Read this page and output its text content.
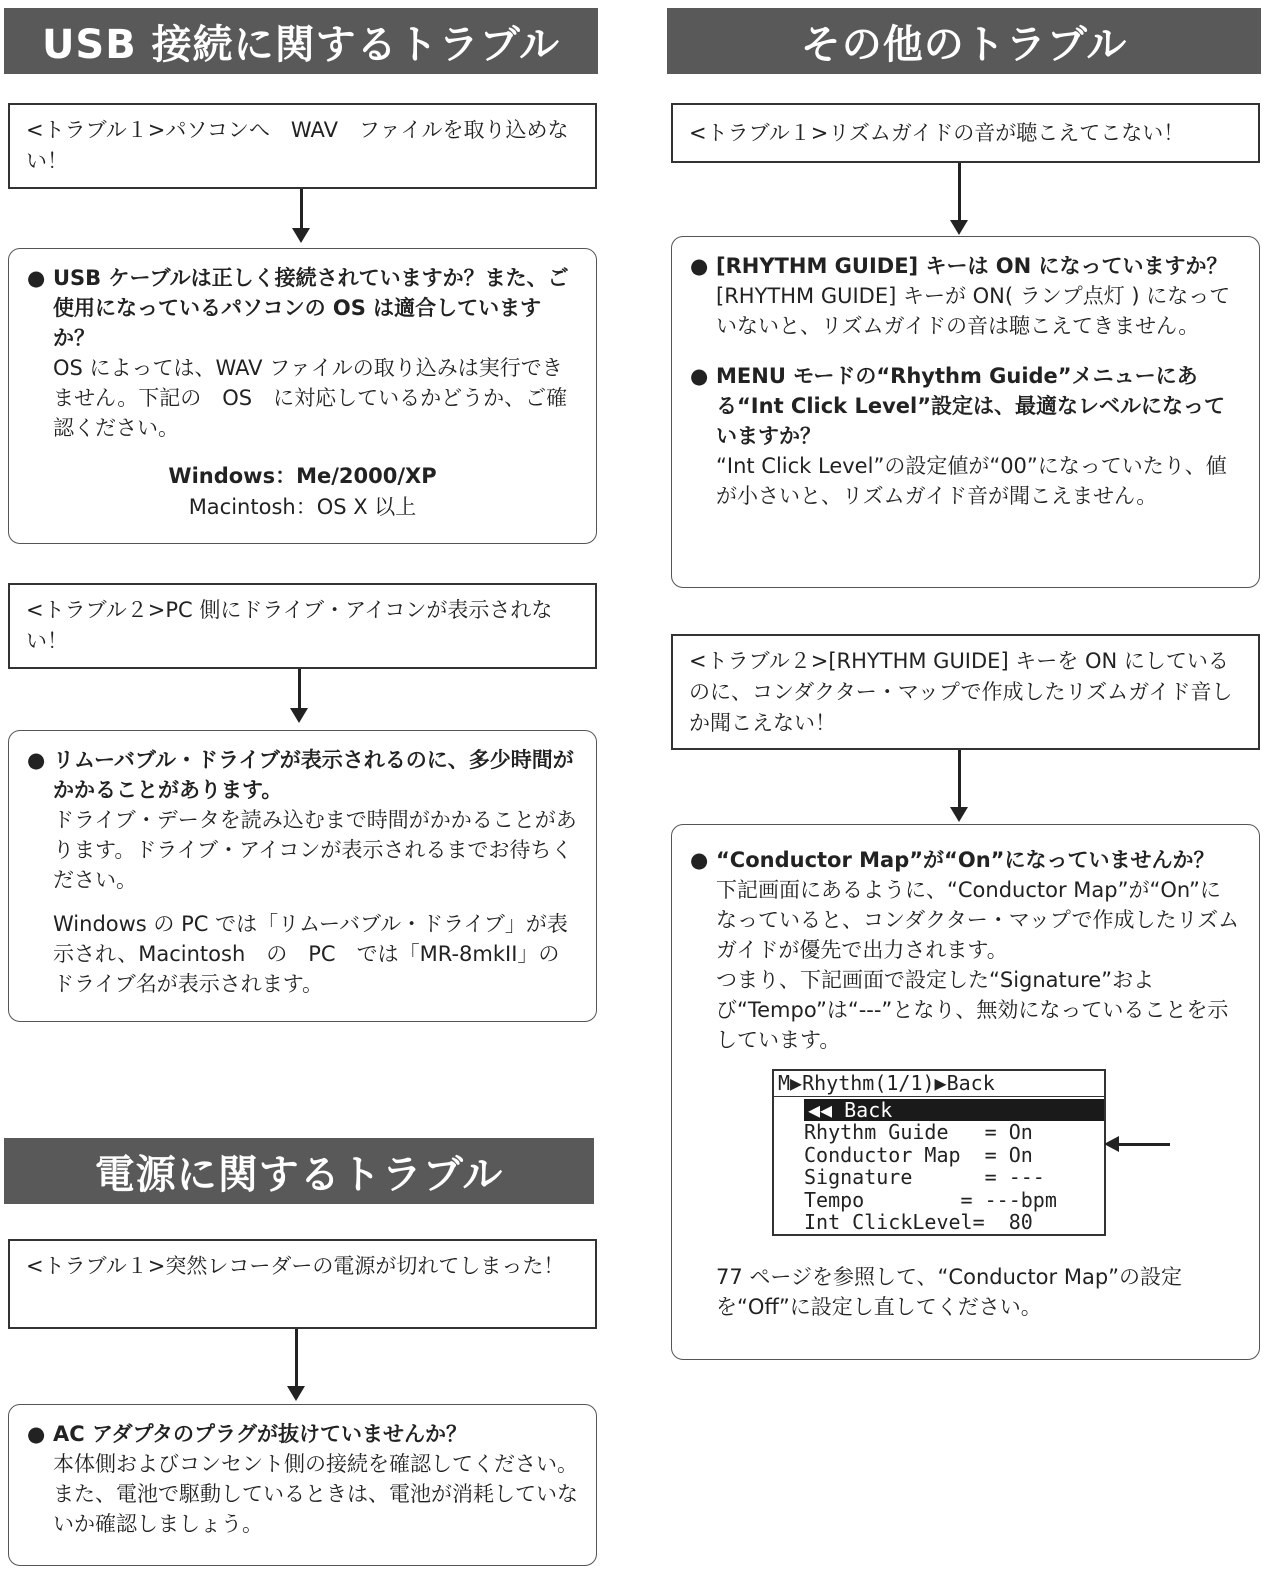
USB 接続に関するトラブル
<トラブル１>パソコンへ　WAV　ファイルを取り込めない！
● USB ケーブルは正しく接続されていますか？また、ご使用になっているパソコンの OS は適合していますか？
OS によっては、WAV ファイルの取り込みは実行できません。下記の　OS　に対応しているかどうか、ご確認ください。
Windows：Me/2000/XP
Macintosh：OS X 以上
<トラブル２>PC 側にドライブ・アイコンが表示されない！
● リムーバブル・ドライブが表示されるのに、多少時間がかかることがあります。
ドライブ・データを読み込むまで時間がかかることがあります。ドライブ・アイコンが表示されるまでお待ちください。
Windows の PC では「リムーバブル・ドライブ」が表示され、Macintosh　の　PC　では「MR-8mkII」のドライブ名が表示されます。
電源に関するトラブル
<トラブル１>突然レコーダーの電源が切れてしまった！
● AC アダプタのプラグが抜けていませんか？
本体側およびコンセント側の接続を確認してください。また、電池で駆動しているときは、電池が消耗していないか確認しましょう。
その他のトラブル
<トラブル１>リズムガイドの音が聴こえてこない！
● [RHYTHM GUIDE] キーは ON になっていますか？
[RHYTHM GUIDE] キーが ON( ランプ点灯 ) になっていないと、リズムガイドの音は聴こえてきません。
● MENU モードの“Rhythm Guide”メニューにある“Int Click Level”設定は、最適なレベルになっていますか？
“Int Click Level”の設定値が“00”になっていたり、値が小さいと、リズムガイド音が聞こえません。
<トラブル２>[RHYTHM GUIDE] キーを ON にしているのに、コンダクター・マップで作成したリズムガイド音しか聞こえない！
● “Conductor Map”が“On”になっていませんか？
下記画面にあるように、“Conductor Map”が“On”になっていると、コンダクター・マップで作成したリズムガイドが優先で出力されます。
つまり、下記画面で設定した“Signature”および“Tempo”は“---”となり、無効になっていることを示しています。
M▶Rhythm(1/1)▶Back
◀◀ Back
Rhythm Guide   = On
Conductor Map  = On
Signature      = ---
Tempo        = ---bpm
Int ClickLevel=  80
77 ページを参照して、“Conductor Map”の設定を“Off”に設定し直してください。
